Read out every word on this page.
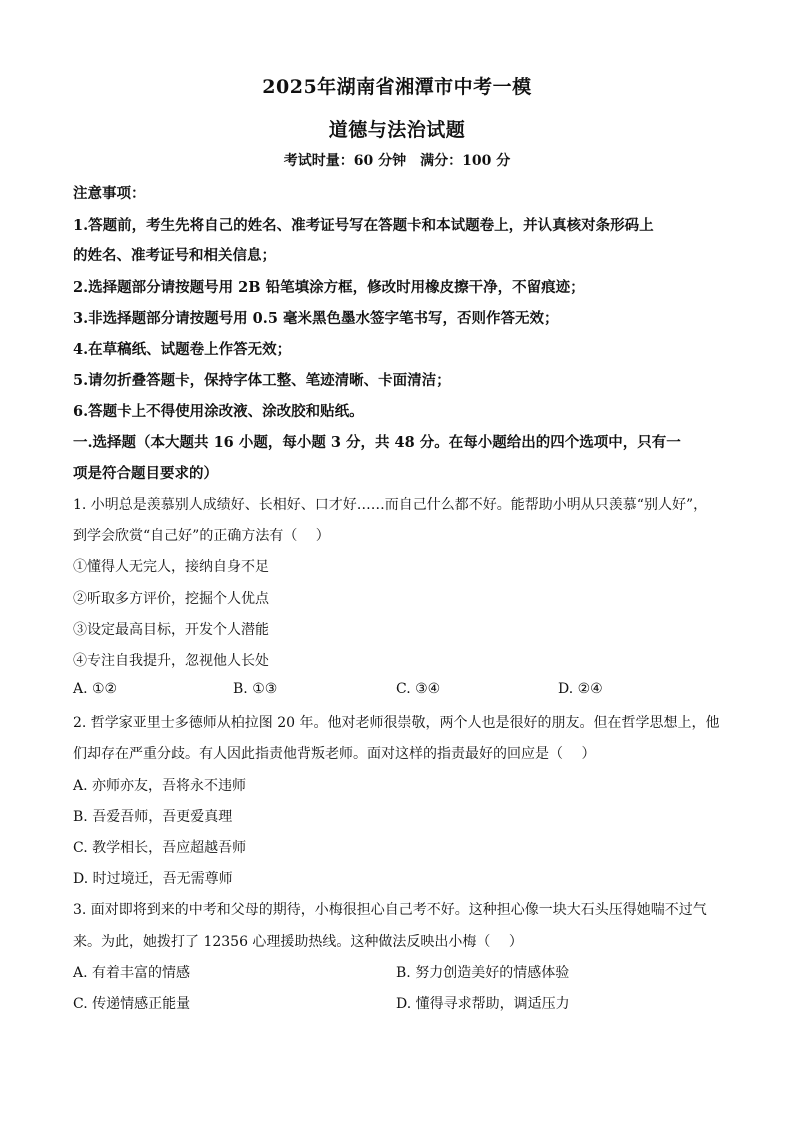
2025年湖南省湘潭市中考一模
道德与法治试题
考试时量：60 分钟　满分：100 分
注意事项：
1.答题前，考生先将自己的姓名、准考证号写在答题卡和本试题卷上，并认真核对条形码上
的姓名、准考证号和相关信息；
2.选择题部分请按题号用 2B 铅笔填涂方框，修改时用橡皮擦干净，不留痕迹；
3.非选择题部分请按题号用 0.5 毫米黑色墨水签字笔书写，否则作答无效；
4.在草稿纸、试题卷上作答无效；
5.请勿折叠答题卡，保持字体工整、笔迹清晰、卡面清洁；
6.答题卡上不得使用涂改液、涂改胶和贴纸。
一.选择题（本大题共 16 小题，每小题 3 分，共 48 分。在每小题给出的四个选项中，只有一
项是符合题目要求的）
1. 小明总是羡慕别人成绩好、长相好、口才好……而自己什么都不好。能帮助小明从只羡慕“别人好”，
到学会欣赏“自己好”的正确方法有（　 ）
①懂得人无完人，接纳自身不足
②听取多方评价，挖掘个人优点
③设定最高目标，开发个人潜能
④专注自我提升，忽视他人长处
A. ①②	B. ①③	C. ③④	D. ②④
2. 哲学家亚里士多德师从柏拉图 20 年。他对老师很崇敬，两个人也是很好的朋友。但在哲学思想上，他
们却存在严重分歧。有人因此指责他背叛老师。面对这样的指责最好的回应是（　 ）
A. 亦师亦友，吾将永不违师
B. 吾爱吾师，吾更爱真理
C. 教学相长，吾应超越吾师
D. 时过境迁，吾无需尊师
3. 面对即将到来的中考和父母的期待，小梅很担心自己考不好。这种担心像一块大石头压得她喘不过气
来。为此，她拨打了 12356 心理援助热线。这种做法反映出小梅（　 ）
A. 有着丰富的情感	B. 努力创造美好的情感体验
C. 传递情感正能量	D. 懂得寻求帮助，调适压力
